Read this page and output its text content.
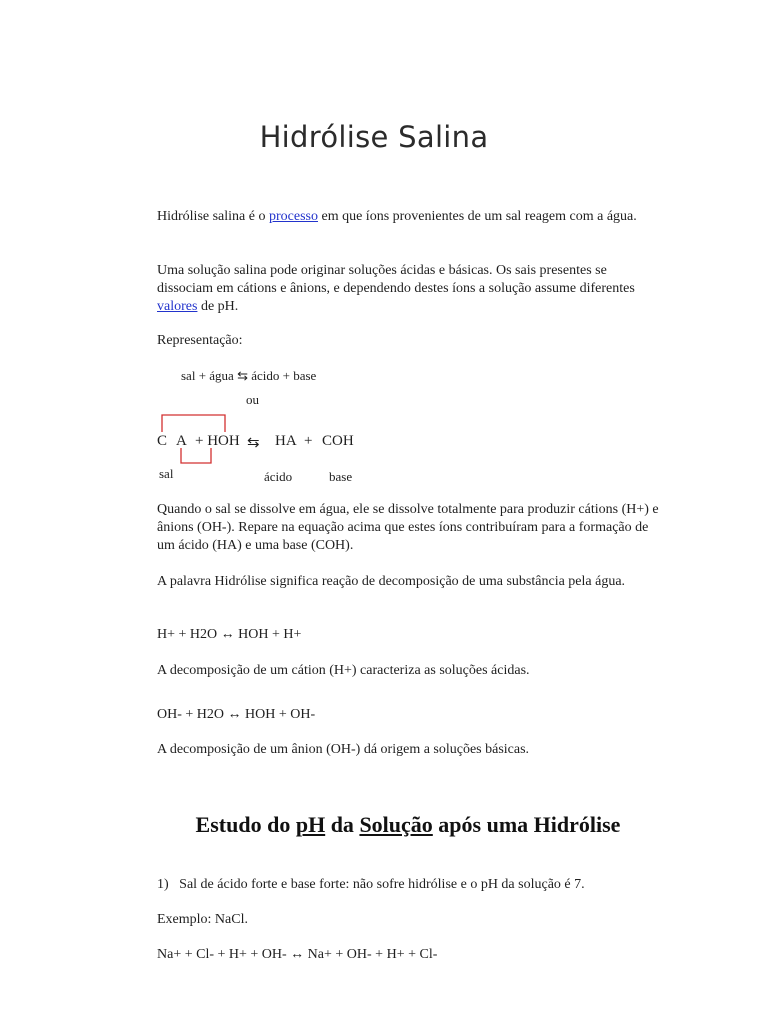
Hidrólise Salina

Hidrólise salina é o processo em que íons provenientes de um sal reagem com a água.

Uma solução salina pode originar soluções ácidas e básicas. Os sais presentes se dissociam em cátions e ânions, e dependendo destes íons a solução assume diferentes valores de pH.

Representação:

sal + água ⇆ ácido + base
ou
C A + HOH ⇆ HA + COH
sal	ácido	base

Quando o sal se dissolve em água, ele se dissolve totalmente para produzir cátions (H+) e ânions (OH-). Repare na equação acima que estes íons contribuíram para a formação de um ácido (HA) e uma base (COH).

A palavra Hidrólise significa reação de decomposição de uma substância pela água.

H+ + H2O ↔ HOH + H+

A decomposição de um cátion (H+) caracteriza as soluções ácidas.

OH- + H2O ↔ HOH + OH-

A decomposição de um ânion (OH-) dá origem a soluções básicas.

Estudo do pH da Solução após uma Hidrólise

1)   Sal de ácido forte e base forte: não sofre hidrólise e o pH da solução é 7.

Exemplo: NaCl.

Na+ + Cl- + H+ + OH- ↔ Na+ + OH- + H+ + Cl-
